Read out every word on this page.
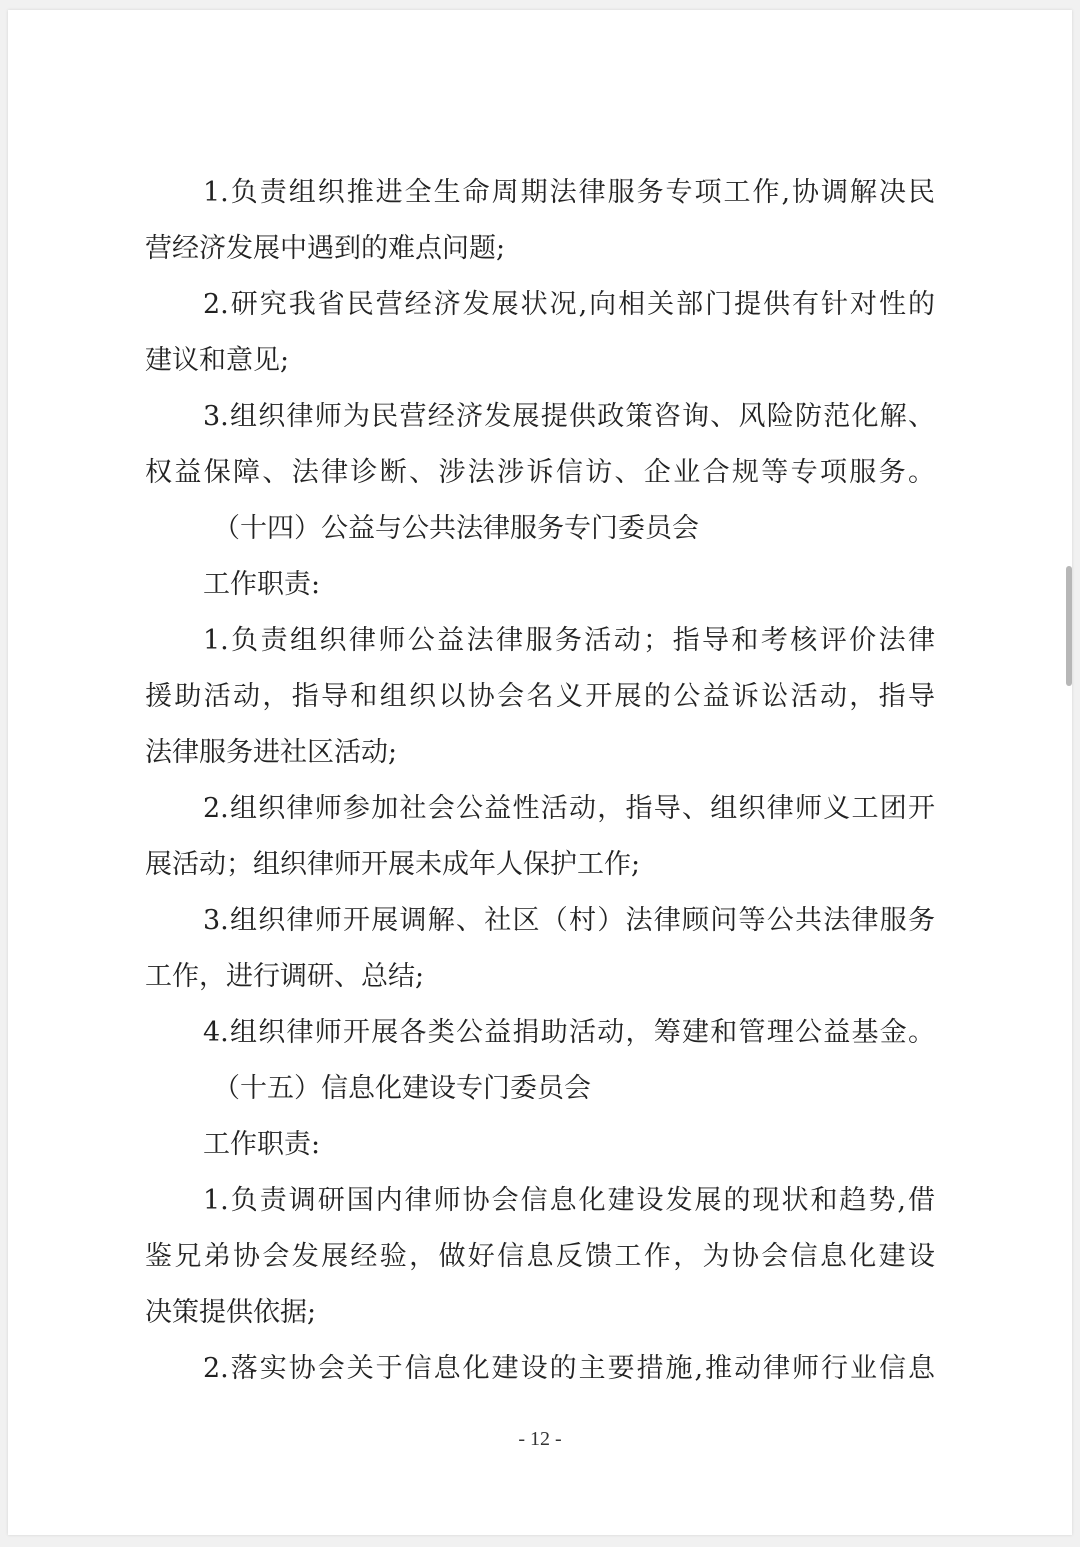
1.负责组织推进全生命周期法律服务专项工作,协调解决民
营经济发展中遇到的难点问题;
2.研究我省民营经济发展状况,向相关部门提供有针对性的
建议和意见;
3.组织律师为民营经济发展提供政策咨询、风险防范化解、
权益保障、法律诊断、涉法涉诉信访、企业合规等专项服务。
（十四）公益与公共法律服务专门委员会
工作职责:
1.负责组织律师公益法律服务活动；指导和考核评价法律
援助活动，指导和组织以协会名义开展的公益诉讼活动，指导
法律服务进社区活动;
2.组织律师参加社会公益性活动，指导、组织律师义工团开
展活动；组织律师开展未成年人保护工作;
3.组织律师开展调解、社区（村）法律顾问等公共法律服务
工作，进行调研、总结;
4.组织律师开展各类公益捐助活动，筹建和管理公益基金。
（十五）信息化建设专门委员会
工作职责:
1.负责调研国内律师协会信息化建设发展的现状和趋势,借
鉴兄弟协会发展经验，做好信息反馈工作，为协会信息化建设
决策提供依据;
2.落实协会关于信息化建设的主要措施,推动律师行业信息
- 12 -
